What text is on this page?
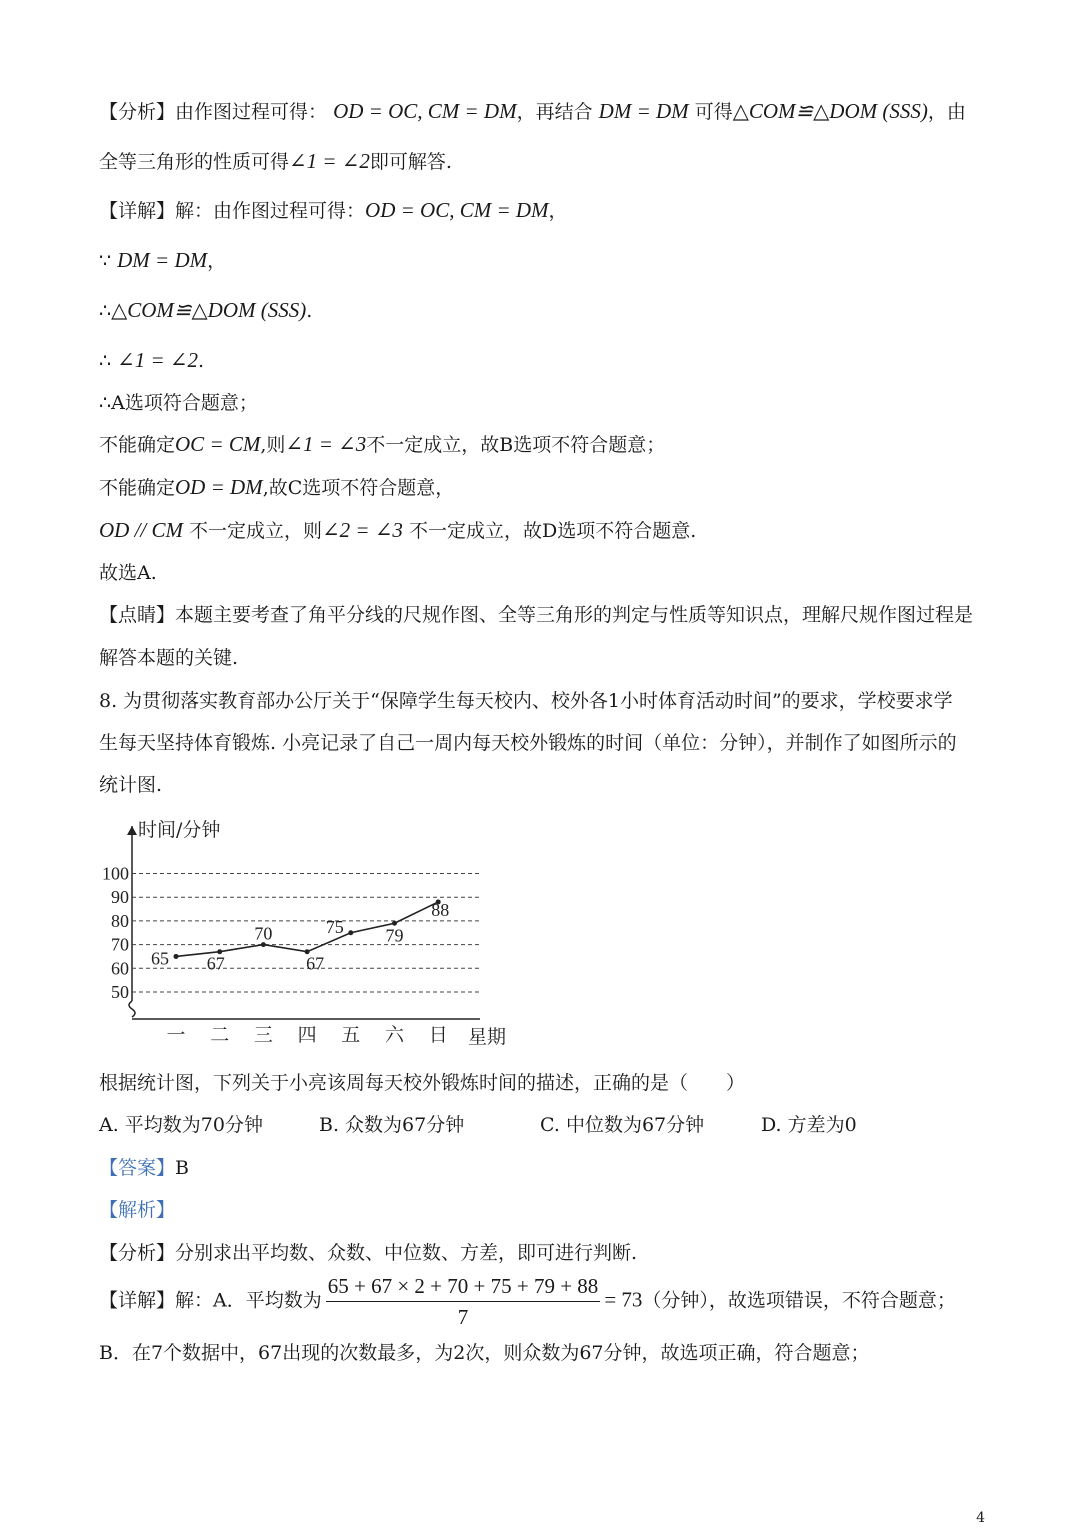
【分析】由作图过程可得： OD = OC, CM = DM，再结合 DM = DM 可得△COM≌△DOM (SSS)，由
全等三角形的性质可得∠1 = ∠2即可解答.
【详解】解：由作图过程可得：OD = OC, CM = DM，
∵ DM = DM，
∴△COM≌△DOM (SSS).
∴ ∠1 = ∠2.
∴A选项符合题意；
不能确定OC = CM,则∠1 = ∠3不一定成立，故B选项不符合题意；
不能确定OD = DM,故C选项不符合题意，
OD // CM 不一定成立，则∠2 = ∠3 不一定成立，故D选项不符合题意.
故选A.
【点睛】本题主要考查了角平分线的尺规作图、全等三角形的判定与性质等知识点，理解尺规作图过程是
解答本题的关键.
8. 为贯彻落实教育部办公厅关于“保障学生每天校内、校外各1小时体育活动时间”的要求，学校要求学
生每天坚持体育锻炼. 小亮记录了自己一周内每天校外锻炼的时间（单位：分钟），并制作了如图所示的
统计图.
时间/分钟
50
60
70
80
90
100
一 二 三 四 五 六 日 星期
65 67
70
67
75 79
88
根据统计图，下列关于小亮该周每天校外锻炼时间的描述，正确的是（　　）
A. 平均数为70分钟	B. 众数为67分钟	C. 中位数为67分钟	D. 方差为0
【答案】B
【解析】
【分析】分别求出平均数、众数、中位数、方差，即可进行判断.
【详解】解：A．平均数为 $\frac{65 + 67 \times 2 + 70 + 75 + 79 + 88}{7} = 73$（分钟），故选项错误，不符合题意；
B．在7个数据中，67出现的次数最多，为2次，则众数为67分钟，故选项正确，符合题意；
4
